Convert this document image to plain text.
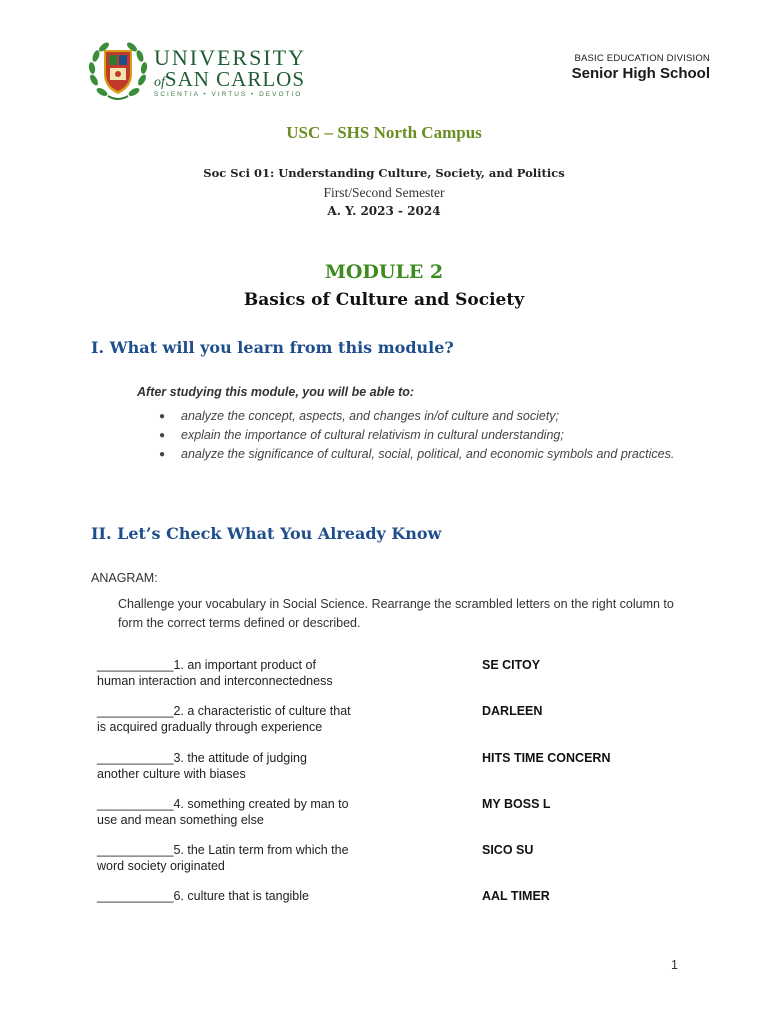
UNIVERSITY

ofSAN CARLOS
SCIENTIA • VIRTUS • DEVOTIO
BASIC EDUCATION DIVISION
Senior High School

USC – SHS North Campus

Soc Sci 01: Understanding Culture, Society, and Politics

First/Second Semester

A. Y. 2023 - 2024

MODULE 2

Basics of Culture and Society

I. What will you learn from this module?

After studying this module, you will be able to:

● analyze the concept, aspects, and changes in/of culture and society;
● explain the importance of cultural relativism in cultural understanding;
● analyze the significance of cultural, social, political, and economic symbols and practices.
II. Let’s Check What You Already Know

ANAGRAM:

Challenge your vocabulary in Social Science. Rearrange the scrambled letters on the right column to form the correct terms defined or described.

___________1. an important product of
human interaction and interconnectedness
SE CITOY
___________2. a characteristic of culture that
is acquired gradually through experience
DARLEEN
___________3. the attitude of judging
another culture with biases
HITS TIME CONCERN
___________4. something created by man to
use and mean something else
MY BOSS L
___________5. the Latin term from which the
word society originated
SICO SU
___________6. culture that is tangible	AAL TIMER
1
